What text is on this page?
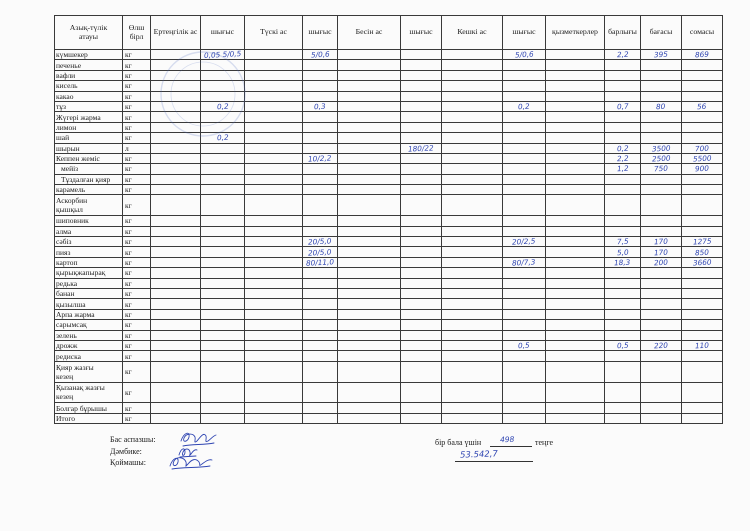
Азық-түлік атауы	Өлш бірл	Ертеңгілік ас	шығыс	Түскі ас	шығыс	Бесін ас	шығыс	Кешкі ас	шығыс	қызметкерлер	барлығы	бағасы	сомасы
күмшекер	кг		0,05 5/0,5		5/0,6				5/0,6		2,2	395	869
печенье	кг												
вафли	кг												
кисель	кг												
какао	кг												
тұз	кг		0,2		0,3				0,2		0,7	80	56
Жүгері жарма	кг												
лимон	кг												
шай	кг		0,2										
шырын	л						180/22				0,2	3500	700
Кеппен жеміс	кг				10/2,2						2,2	2500	5500
мейіз	кг										1,2	750	900
Тұздалған қияр	кг												
карамель	кг												

Аскорбин қышқыл	кг												
шиповник	кг												
алма	кг												
сәбіз	кг				20/5,0				20/2,5		7,5	170	1275
пияз	кг				20/5,0						5,0	170	850
картоп	кг				80/11,0				80/7,3		18,3	200	3660
қырықжапырақ	кг												
редька	кг												
банан	кг												
қызылша	кг												
Арпа жарма	кг												
сарымсақ	кг												
зелень	кг												
дрожж	кг								0,5		0,5	220	110
редиска	кг												

Қияр жазғы кезең	кг												

Қызанақ жазғы кезең	кг												
Болгар бұрышы	кг												
Итого	кг												
Бас аспазшы:
Дәмбике:
Қоймашы:
бір бала үшін 498	теңге
53.542,7
